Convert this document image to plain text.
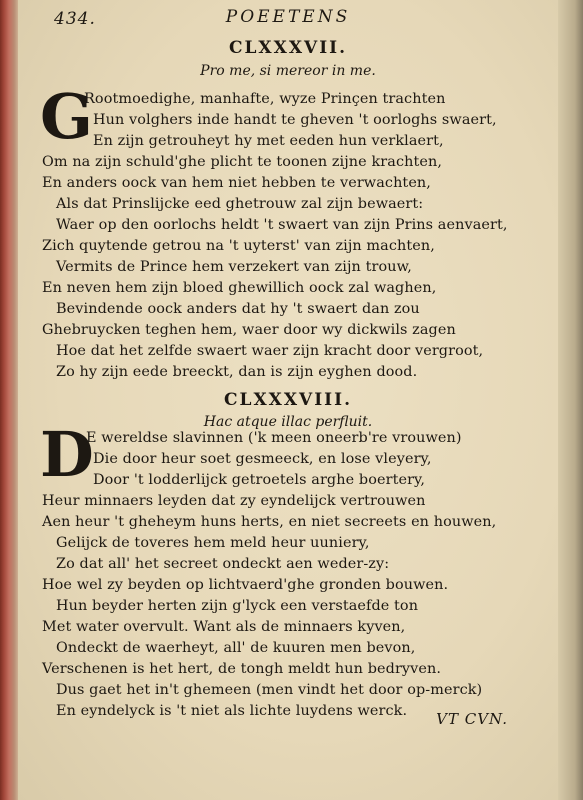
434.	POEETENS
CLXXXVII.
Pro me, si mereor in me.
G
Rootmoedighe, manhafte, wyze Prinçen trachten
Hun volghers inde handt te gheven 't oorloghs swaert,
En zijn getrouheyt hy met eeden hun verklaert,
Om na zijn schuld'ghe plicht te toonen zijne krachten,
En anders oock van hem niet hebben te verwachten,
Als dat Prinslijcke eed ghetrouw zal zijn bewaert:
Waer op den oorlochs heldt 't swaert van zijn Prins aenvaert,
Zich quytende getrou na 't uyterst' van zijn machten,
Vermits de Prince hem verzekert van zijn trouw,
En neven hem zijn bloed ghewillich oock zal waghen,
Bevindende oock anders dat hy 't swaert dan zou
Ghebruycken teghen hem, waer door wy dickwils zagen
Hoe dat het zelfde swaert waer zijn kracht door vergroot,
Zo hy zijn eede breeckt, dan is zijn eyghen dood.
CLXXXVIII.
Hac atque illac perfluit.
D
E wereldse slavinnen ('k meen oneerb're vrouwen)
Die door heur soet gesmeeck, en lose vleyery,
Door 't lodderlijck getroetels arghe boertery,
Heur minnaers leyden dat zy eyndelijck vertrouwen
Aen heur 't gheheym huns herts, en niet secreets en houwen,
Gelijck de toveres hem meld heur uuniery,
Zo dat all' het secreet ondeckt aen weder-zy:
Hoe wel zy beyden op lichtvaerd'ghe gronden bouwen.
Hun beyder herten zijn g'lyck een verstaefde ton
Met water overvult. Want als de minnaers kyven,
Ondeckt de waerheyt, all' de kuuren men bevon,
Verschenen is het hert, de tongh meldt hun bedryven.
Dus gaet het in't ghemeen (men vindt het door op-merck)
En eyndelyck is 't niet als lichte luydens werck. VT CVN.
